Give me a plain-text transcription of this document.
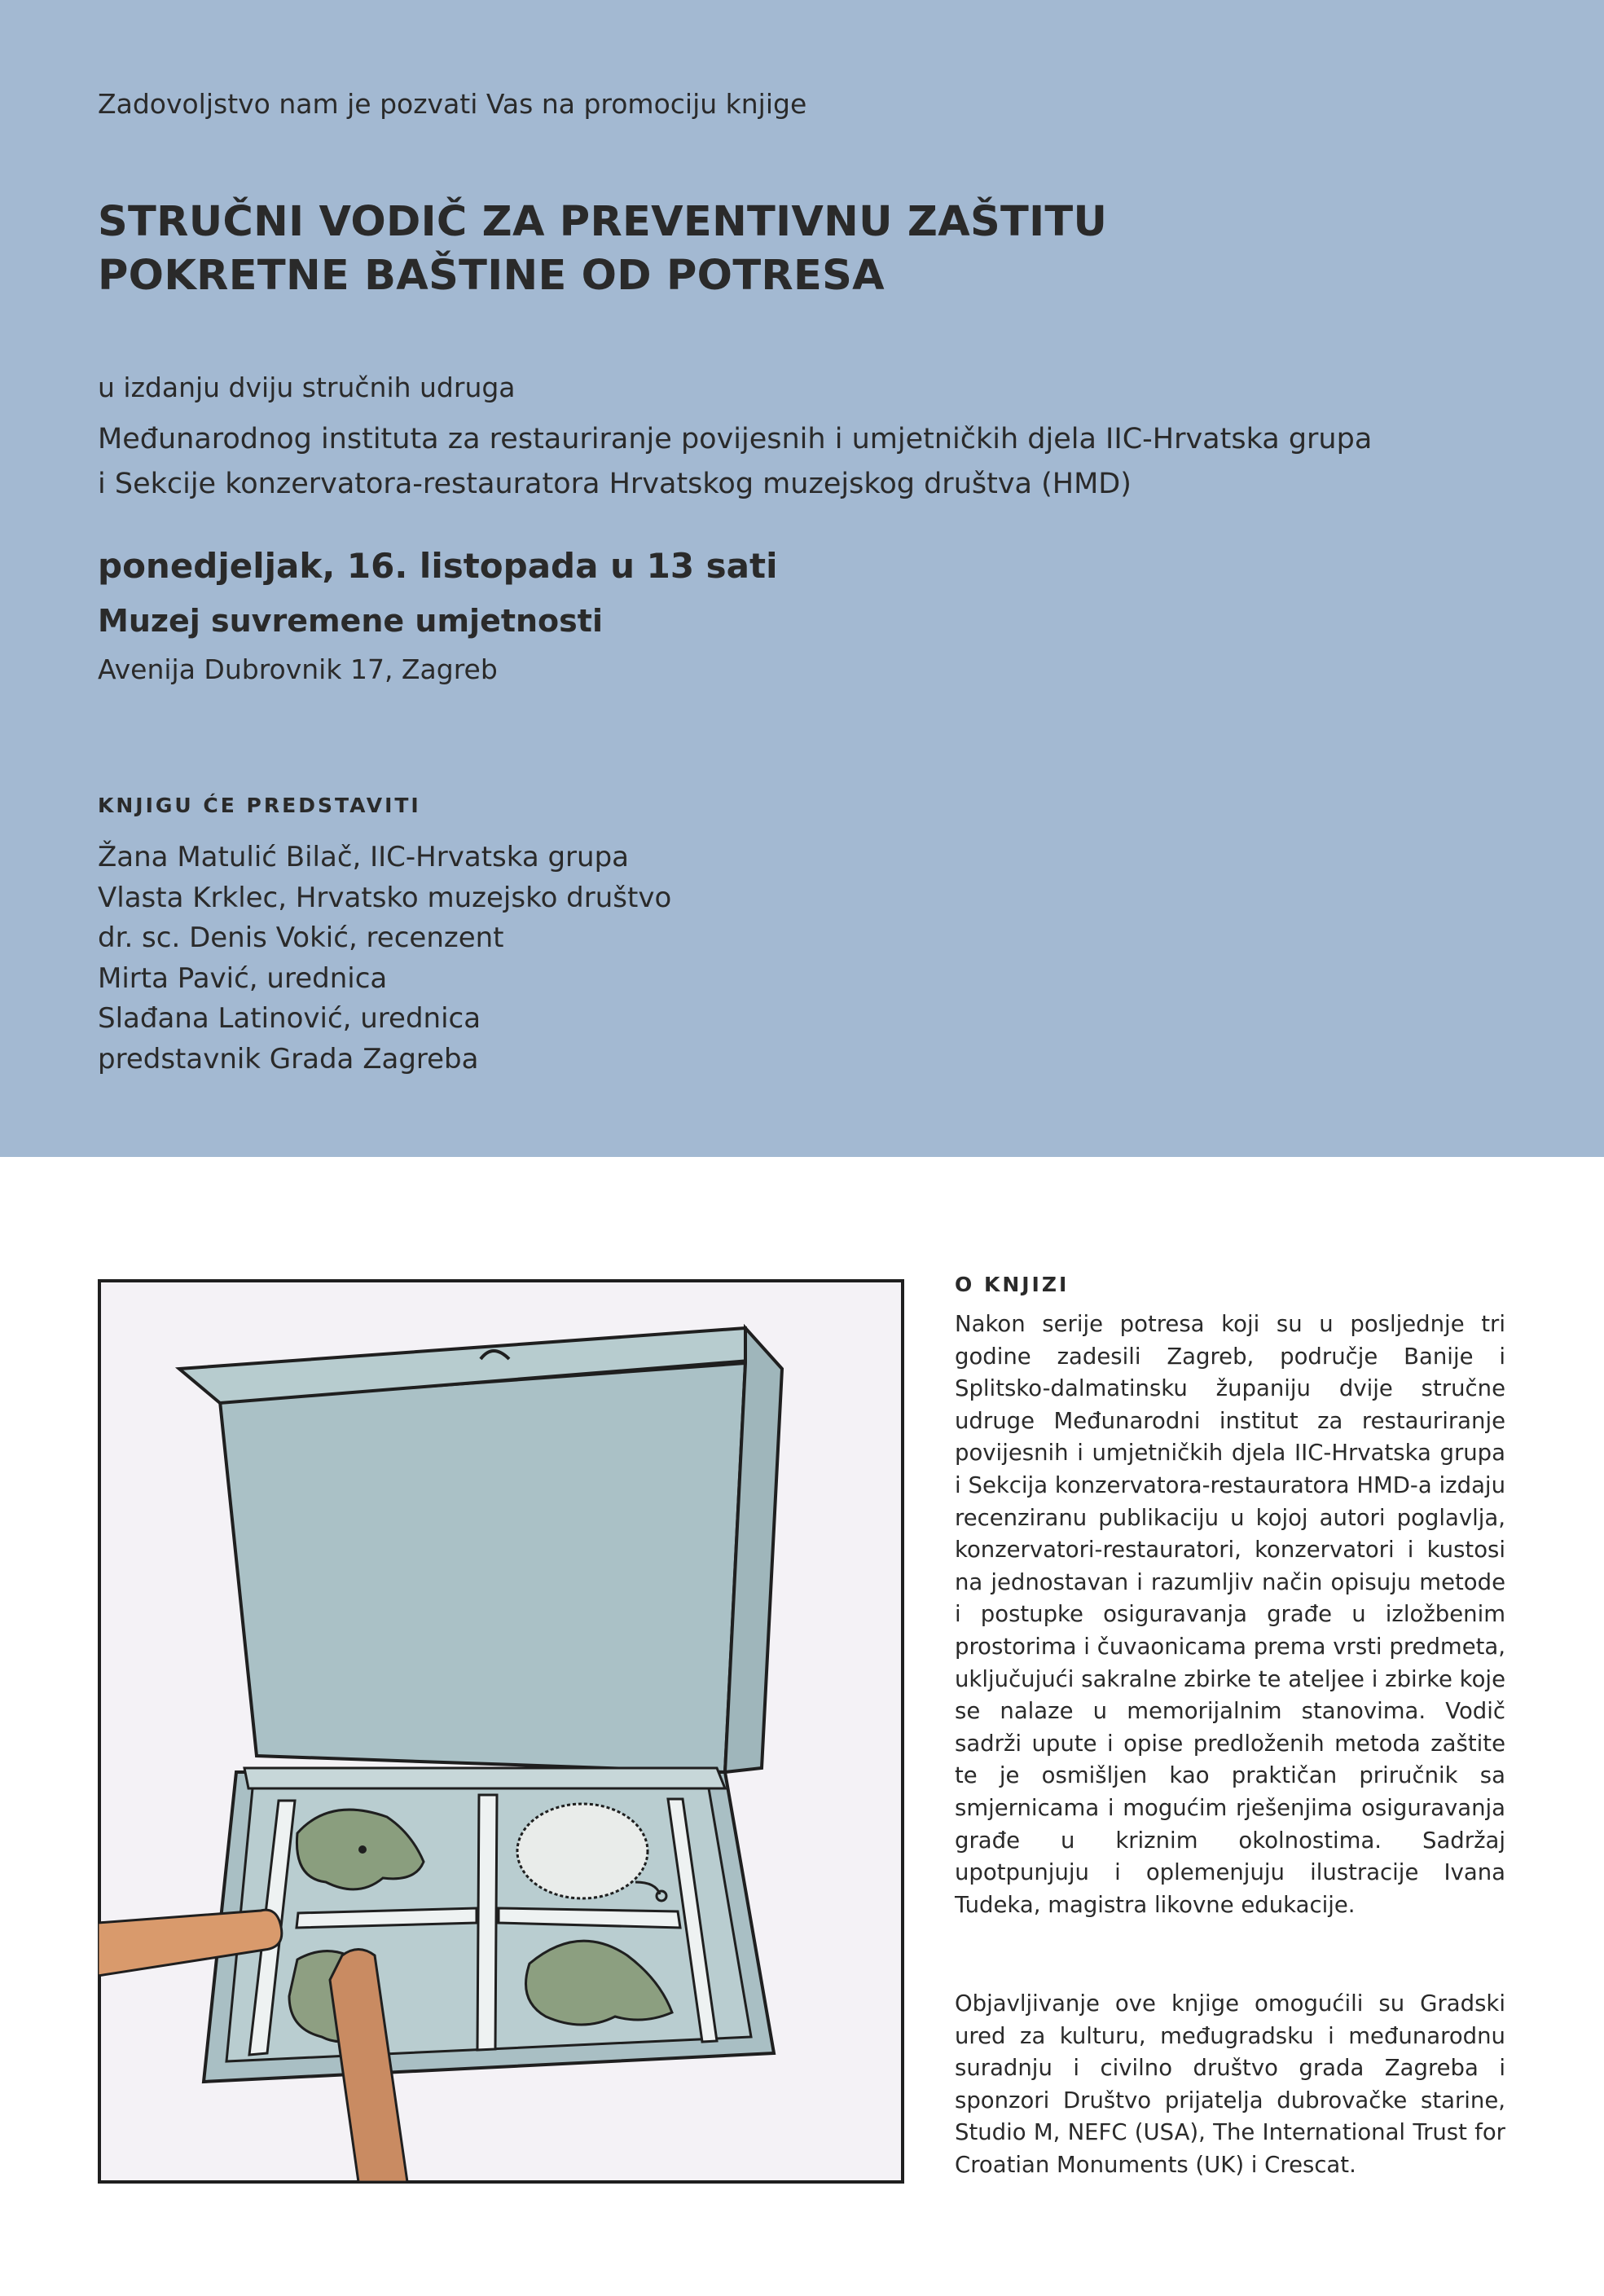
Zadovoljstvo nam je pozvati Vas na promociju knjige

STRUČNI VODIČ ZA PREVENTIVNU ZAŠTITU
POKRETNE BAŠTINE OD POTRESA

u izdanju dviju stručnih udruga

Međunarodnog instituta za restauriranje povijesnih i umjetničkih djela IIC-Hrvatska grupa
i Sekcije konzervatora-restauratora Hrvatskog muzejskog društva (HMD)

ponedjeljak, 16. listopada u 13 sati

Muzej suvremene umjetnosti

Avenija Dubrovnik 17, Zagreb

KNJIGU ĆE PREDSTAVITI

Žana Matulić Bilač, IIC-Hrvatska grupa
Vlasta Krklec, Hrvatsko muzejsko društvo
dr. sc. Denis Vokić, recenzent
Mirta Pavić, urednica
Slađana Latinović, urednica
predstavnik Grada Zagreba

O KNJIZI

Nakon serije potresa koji su u posljednje tri godine zadesili Zagreb, područje Banije i Splitsko-dalmatinsku županiju dvije stručne udruge Međunarodni institut za restauriranje povijesnih i umjetničkih djela IIC-Hrvatska grupa i Sekcija konzervatora-restauratora HMD-a izdaju recenziranu publikaciju u kojoj autori poglavlja, konzervatori-restauratori, konzervatori i kustosi na jednostavan i razumljiv način opisuju metode i postupke osiguravanja građe u izložbenim prostorima i čuvaonicama prema vrsti predmeta, uključujući sakralne zbirke te ateljee i zbirke koje se nalaze u memorijalnim stanovima. Vodič sadrži upute i opise predloženih metoda zaštite te je osmišljen kao praktičan priručnik sa smjernicama i mogućim rješenjima osiguravanja građe u kriznim okolnostima. Sadržaj upotpunjuju i oplemenjuju ilustracije Ivana Tudeka, magistra likovne edukacije.

Objavljivanje ove knjige omogućili su Gradski ured za kulturu, međugradsku i međunarodnu suradnju i civilno društvo grada Zagreba i sponzori Društvo prijatelja dubrovačke starine, Studio M, NEFC (USA), The International Trust for Croatian Monuments (UK) i Crescat.
